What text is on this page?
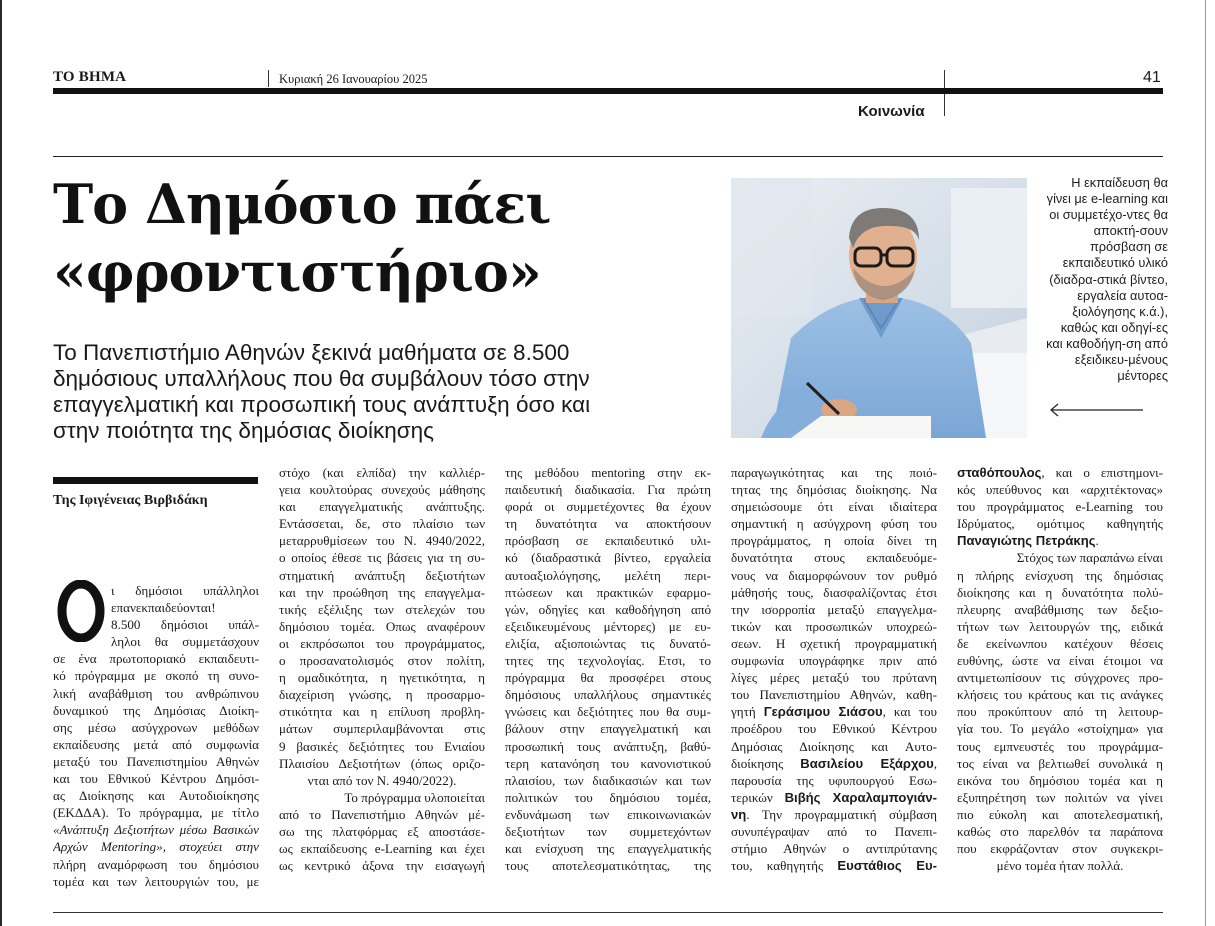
ΤΟ ΒΗΜΑ	Κυριακή 26 Ιανουαρίου 2025	41
Κοινωνία
Το Δημόσιο πάει
«φροντιστήριο»
Το Πανεπιστήμιο Αθηνών ξεκινά μαθήματα σε 8.500 δημόσιους υπαλλήλους που θα συμβάλουν τόσο στην επαγγελματική και προσωπική τους ανάπτυξη όσο και στην ποιότητα της δημόσιας διοίκησης
Η εκπαίδευση θα γίνει με e-learning και οι συμμετέχο-ντες θα αποκτή-σουν πρόσβαση σε εκπαιδευτικό υλικό (διαδρα-στικά βίντεο, εργαλεία αυτοα-ξιολόγησης κ.ά.), καθώς και οδηγί-ες και καθοδήγη-ση από εξειδικευ-μένους μέντορες
Της Ιφιγένειας Βιρβιδάκη
ι δημόσιοι υπάλληλοι
επανεκπαιδεύονται!
8.500 δημόσιοι υπάλ-
ληλοι θα συμμετάσχουν
σε ένα πρωτοποριακό εκπαιδευτι-
κό πρόγραμμα με σκοπό τη συνο-
λική αναβάθμιση του ανθρώπινου
δυναμικού της Δημόσιας Διοίκη-
σης μέσω ασύγχρονων μεθόδων
εκπαίδευσης μετά από συμφωνία
μεταξύ του Πανεπιστημίου Αθηνών
και του Εθνικού Κέντρου Δημόσι-
ας Διοίκησης και Αυτοδιοίκησης
(ΕΚΔΔΑ). Το πρόγραμμα, με τίτλο
«Ανάπτυξη Δεξιοτήτων μέσω Βασικών
Αρχών Mentoring», στοχεύει στην
πλήρη αναμόρφωση του δημόσιου
τομέα και των λειτουργιών του, με
στόχο (και ελπίδα) την καλλιέρ-
γεια κουλτούρας συνεχούς μάθησης
και επαγγελματικής ανάπτυξης.
Εντάσσεται, δε, στο πλαίσιο των
μεταρρυθμίσεων του Ν. 4940/2022,
ο οποίος έθεσε τις βάσεις για τη συ-
στηματική ανάπτυξη δεξιοτήτων
και την προώθηση της επαγγελμα-
τικής εξέλιξης των στελεχών του
δημόσιου τομέα. Οπως αναφέρουν
οι εκπρόσωποι του προγράμματος,
ο προσανατολισμός στον πολίτη,
η ομαδικότητα, η ηγετικότητα, η
διαχείριση γνώσης, η προσαρμο-
στικότητα και η επίλυση προβλη-
μάτων συμπεριλαμβάνονται στις
9 βασικές δεξιότητες του Ενιαίου
Πλαισίου Δεξιοτήτων (όπως οριζο-
νται από τον Ν. 4940/2022).
Το πρόγραμμα υλοποιείται
από το Πανεπιστήμιο Αθηνών μέ-
σω της πλατφόρμας εξ αποστάσε-
ως εκπαίδευσης e-Learning και έχει
ως κεντρικό άξονα την εισαγωγή
της μεθόδου mentoring στην εκ-
παιδευτική διαδικασία. Για πρώτη
φορά οι συμμετέχοντες θα έχουν
τη δυνατότητα να αποκτήσουν
πρόσβαση σε εκπαιδευτικό υλι-
κό (διαδραστικά βίντεο, εργαλεία
αυτοαξιολόγησης, μελέτη περι-
πτώσεων και πρακτικών εφαρμο-
γών, οδηγίες και καθοδήγηση από
εξειδικευμένους μέντορες) με ευ-
ελιξία, αξιοποιώντας τις δυνατό-
τητες της τεχνολογίας. Ετσι, το
πρόγραμμα θα προσφέρει στους
δημόσιους υπαλλήλους σημαντικές
γνώσεις και δεξιότητες που θα συμ-
βάλουν στην επαγγελματική και
προσωπική τους ανάπτυξη, βαθύ-
τερη κατανόηση του κανονιστικού
πλαισίου, των διαδικασιών και των
πολιτικών του δημόσιου τομέα,
ενδυνάμωση των επικοινωνιακών
δεξιοτήτων των συμμετεχόντων
και ενίσχυση της επαγγελματικής
τους αποτελεσματικότητας, της
παραγωγικότητας και της ποιό-
τητας της δημόσιας διοίκησης. Να
σημειώσουμε ότι είναι ιδιαίτερα
σημαντική η ασύγχρονη φύση του
προγράμματος, η οποία δίνει τη
δυνατότητα στους εκπαιδευόμε-
νους να διαμορφώνουν τον ρυθμό
μάθησής τους, διασφαλίζοντας έτσι
την ισορροπία μεταξύ επαγγελμα-
τικών και προσωπικών υποχρεώ-
σεων. Η σχετική προγραμματική
συμφωνία υπογράφηκε πριν από
λίγες μέρες μεταξύ του πρύτανη
του Πανεπιστημίου Αθηνών, καθη-
γητή Γεράσιμου Σιάσου, και του
προέδρου του Εθνικού Κέντρου
Δημόσιας Διοίκησης και Αυτο-
διοίκησης Βασιλείου Εξάρχου,
παρουσία της υφυπουργού Εσω-
τερικών Βιβής Χαραλαμπογιάν-
νη. Την προγραμματική σύμβαση
συνυπέγραψαν από το Πανεπι-
στήμιο Αθηνών ο αντιπρύτανης
του, καθηγητής Ευστάθιος Ευ-
σταθόπουλος, και ο επιστημονι-
κός υπεύθυνος και «αρχιτέκτονας»
του προγράμματος e-Learning του
Ιδρύματος, ομότιμος καθηγητής
Παναγιώτης Πετράκης.
Στόχος των παραπάνω είναι
η πλήρης ενίσχυση της δημόσιας
διοίκησης και η δυνατότητα πολύ-
πλευρης αναβάθμισης των δεξιο-
τήτων των λειτουργών της, ειδικά
δε εκείνωνπου κατέχουν θέσεις
ευθύνης, ώστε να είναι έτοιμοι να
αντιμετωπίσουν τις σύγχρονες προ-
κλήσεις του κράτους και τις ανάγκες
που προκύπτουν από τη λειτουρ-
γία του. Το μεγάλο «στοίχημα» για
τους εμπνευστές του προγράμμα-
τος είναι να βελτιωθεί συνολικά η
εικόνα του δημόσιου τομέα και η
εξυπηρέτηση των πολιτών να γίνει
πιο εύκολη και αποτελεσματική,
καθώς στο παρελθόν τα παράπονα
που εκφράζονταν στον συγκεκρι-
μένο τομέα ήταν πολλά.
